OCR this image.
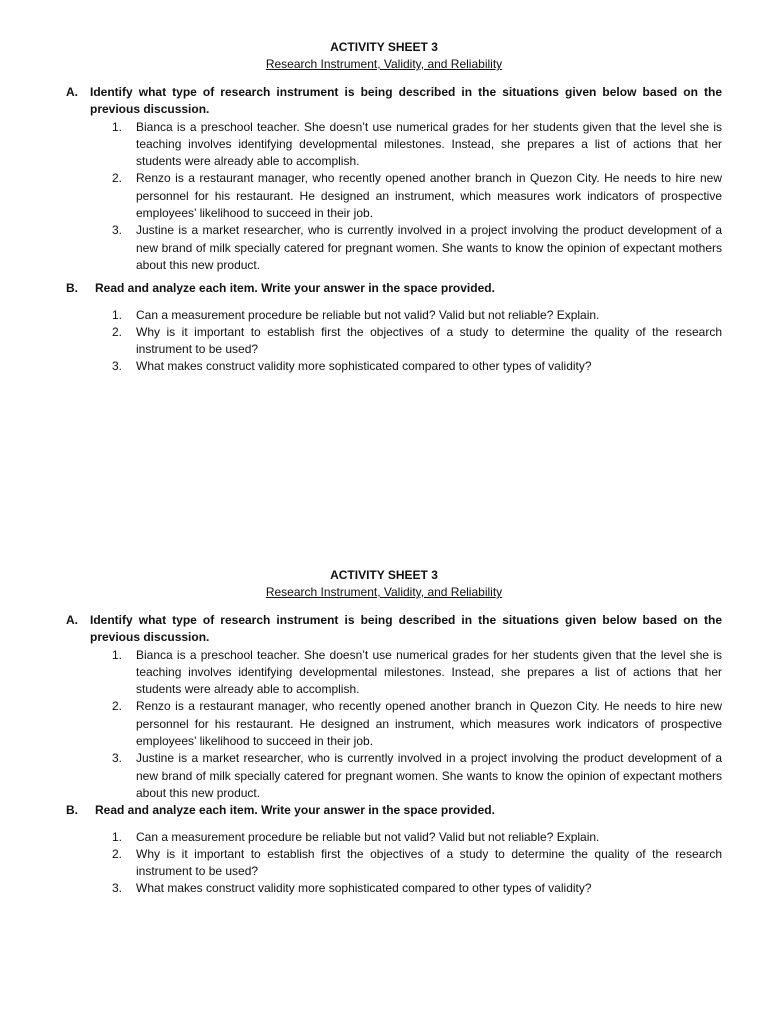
ACTIVITY SHEET 3

Research Instrument, Validity, and Reliability

A.	Identify what type of research instrument is being described in the situations given below based on the previous discussion.
1.	Bianca is a preschool teacher. She doesn’t use numerical grades for her students given that the level she is teaching involves identifying developmental milestones. Instead, she prepares a list of actions that her students were already able to accomplish.
2.	Renzo is a restaurant manager, who recently opened another branch in Quezon City. He needs to hire new personnel for his restaurant. He designed an instrument, which measures work indicators of prospective employees’ likelihood to succeed in their job.
3.	Justine is a market researcher, who is currently involved in a project involving the product development of a new brand of milk specially catered for pregnant women. She wants to know the opinion of expectant mothers about this new product.
B.	Read and analyze each item. Write your answer in the space provided.
1.	Can a measurement procedure be reliable but not valid? Valid but not reliable? Explain.
2.	Why is it important to establish first the objectives of a study to determine the quality of the research instrument to be used?
3.	What makes construct validity more sophisticated compared to other types of validity?

ACTIVITY SHEET 3

Research Instrument, Validity, and Reliability

A.	Identify what type of research instrument is being described in the situations given below based on the previous discussion.
1.	Bianca is a preschool teacher. She doesn’t use numerical grades for her students given that the level she is teaching involves identifying developmental milestones. Instead, she prepares a list of actions that her students were already able to accomplish.
2.	Renzo is a restaurant manager, who recently opened another branch in Quezon City. He needs to hire new personnel for his restaurant. He designed an instrument, which measures work indicators of prospective employees’ likelihood to succeed in their job.
3.	Justine is a market researcher, who is currently involved in a project involving the product development of a new brand of milk specially catered for pregnant women. She wants to know the opinion of expectant mothers about this new product.
B.	Read and analyze each item. Write your answer in the space provided.
1.	Can a measurement procedure be reliable but not valid? Valid but not reliable? Explain.
2.	Why is it important to establish first the objectives of a study to determine the quality of the research instrument to be used?
3.	What makes construct validity more sophisticated compared to other types of validity?
